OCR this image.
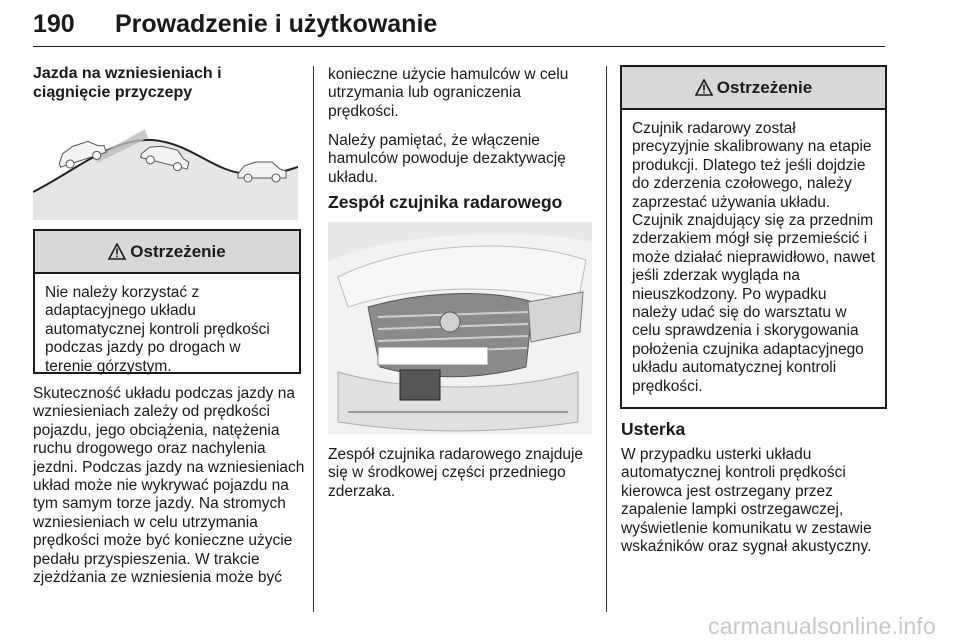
190 Prowadzenie i użytkowanie
Jazda na wzniesieniach i ciągnięcie przyczepy
Ostrzeżenie
Nie należy korzystać z adaptacyjnego układu automatycznej kontroli prędkości podczas jazdy po drogach w terenie górzystym.

Skuteczność układu podczas jazdy na wzniesieniach zależy od prędkości pojazdu, jego obciążenia, natężenia ruchu drogowego oraz nachylenia jezdni. Podczas jazdy na wzniesieniach układ może nie wykrywać pojazdu na tym samym torze jazdy. Na stromych wzniesieniach w celu utrzymania prędkości może być konieczne użycie pedału przyspieszenia. W trakcie zjeżdżania ze wzniesienia może być

konieczne użycie hamulców w celu utrzymania lub ograniczenia prędkości.

Należy pamiętać, że włączenie hamulców powoduje dezaktywację układu.

Zespół czujnika radarowego

Zespół czujnika radarowego znajduje się w środkowej części przedniego zderzaka.

Ostrzeżenie
Czujnik radarowy został precyzyjnie skalibrowany na etapie produkcji. Dlatego też jeśli dojdzie do zderzenia czołowego, należy zaprzestać używania układu. Czujnik znajdujący się za przednim zderzakiem mógł się przemieścić i może działać nieprawidłowo, nawet jeśli zderzak wygląda na nieuszkodzony. Po wypadku należy udać się do warsztatu w celu sprawdzenia i skorygowania położenia czujnika adaptacyjnego układu automatycznej kontroli prędkości.
Usterka

W przypadku usterki układu automatycznej kontroli prędkości kierowca jest ostrzegany przez zapalenie lampki ostrzegawczej, wyświetlenie komunikatu w zestawie wskaźników oraz sygnał akustyczny.

carmanualsonline.info
